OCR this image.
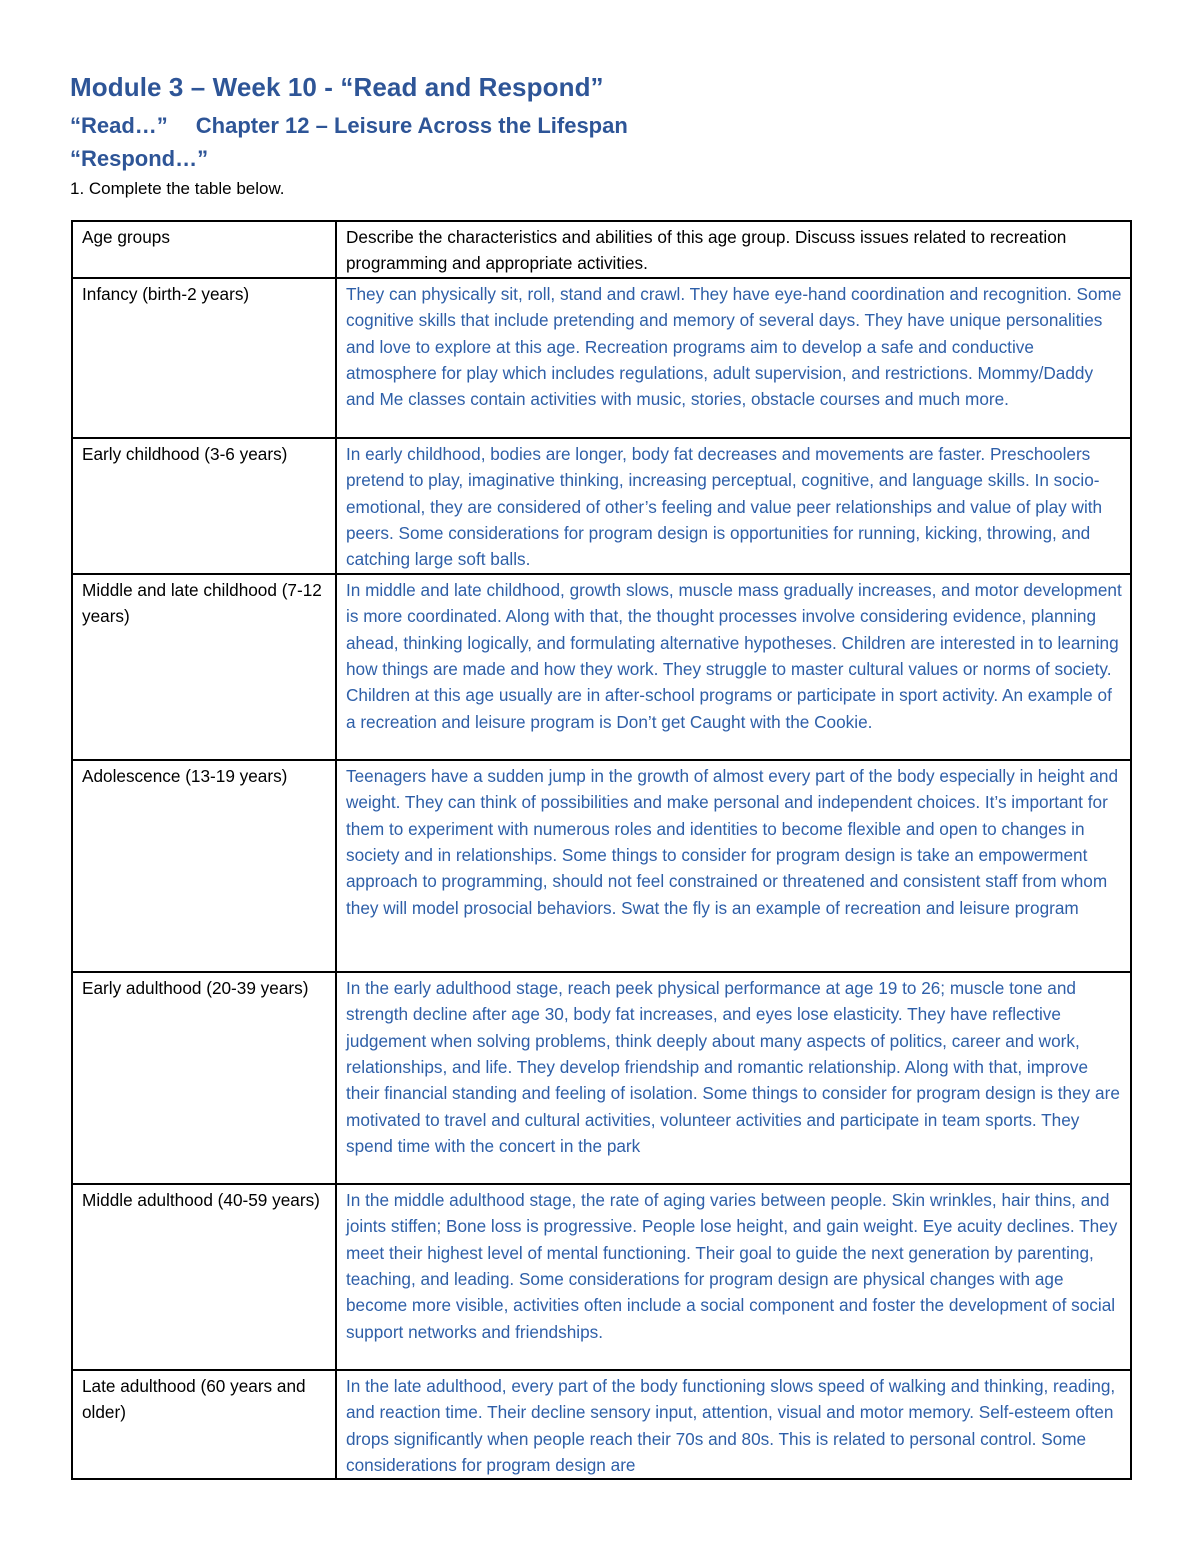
Module 3 – Week 10 - “Read and Respond”
“Read…” Chapter 12 – Leisure Across the Lifespan
“Respond…”
1. Complete the table below.
Age groups	Describe the characteristics and abilities of this age group. Discuss issues related to recreation programming and appropriate activities.
Infancy (birth-2 years)	They can physically sit, roll, stand and crawl. They have eye-hand coordination and recognition. Some cognitive skills that include pretending and memory of several days. They have unique personalities and love to explore at this age. Recreation programs aim to develop a safe and conductive atmosphere for play which includes regulations, adult supervision, and restrictions. Mommy/Daddy and Me classes contain activities with music, stories, obstacle courses and much more.
Early childhood (3-6 years)	In early childhood, bodies are longer, body fat decreases and movements are faster. Preschoolers pretend to play, imaginative thinking, increasing perceptual, cognitive, and language skills. In socio-emotional, they are considered of other’s feeling and value peer relationships and value of play with peers. Some considerations for program design is opportunities for running, kicking, throwing, and catching large soft balls.
Middle and late childhood (7-12 years)	In middle and late childhood, growth slows, muscle mass gradually increases, and motor development is more coordinated. Along with that, the thought processes involve considering evidence, planning ahead, thinking logically, and formulating alternative hypotheses. Children are interested in to learning how things are made and how they work. They struggle to master cultural values or norms of society. Children at this age usually are in after-school programs or participate in sport activity. An example of a recreation and leisure program is Don’t get Caught with the Cookie.
Adolescence (13-19 years)	Teenagers have a sudden jump in the growth of almost every part of the body especially in height and weight. They can think of possibilities and make personal and independent choices. It’s important for them to experiment with numerous roles and identities to become flexible and open to changes in society and in relationships. Some things to consider for program design is take an empowerment approach to programming, should not feel constrained or threatened and consistent staff from whom they will model prosocial behaviors. Swat the fly is an example of recreation and leisure program
Early adulthood (20-39 years)	In the early adulthood stage, reach peek physical performance at age 19 to 26; muscle tone and strength decline after age 30, body fat increases, and eyes lose elasticity. They have reflective judgement when solving problems, think deeply about many aspects of politics, career and work, relationships, and life. They develop friendship and romantic relationship. Along with that, improve their financial standing and feeling of isolation. Some things to consider for program design is they are motivated to travel and cultural activities, volunteer activities and participate in team sports. They spend time with the concert in the park
Middle adulthood (40-59 years)	In the middle adulthood stage, the rate of aging varies between people. Skin wrinkles, hair thins, and joints stiffen; Bone loss is progressive. People lose height, and gain weight. Eye acuity declines. They meet their highest level of mental functioning. Their goal to guide the next generation by parenting, teaching, and leading. Some considerations for program design are physical changes with age become more visible, activities often include a social component and foster the development of social support networks and friendships.
Late adulthood (60 years and older)	In the late adulthood, every part of the body functioning slows speed of walking and thinking, reading, and reaction time. Their decline sensory input, attention, visual and motor memory. Self-esteem often drops significantly when people reach their 70s and 80s. This is related to personal control. Some considerations for program design are
